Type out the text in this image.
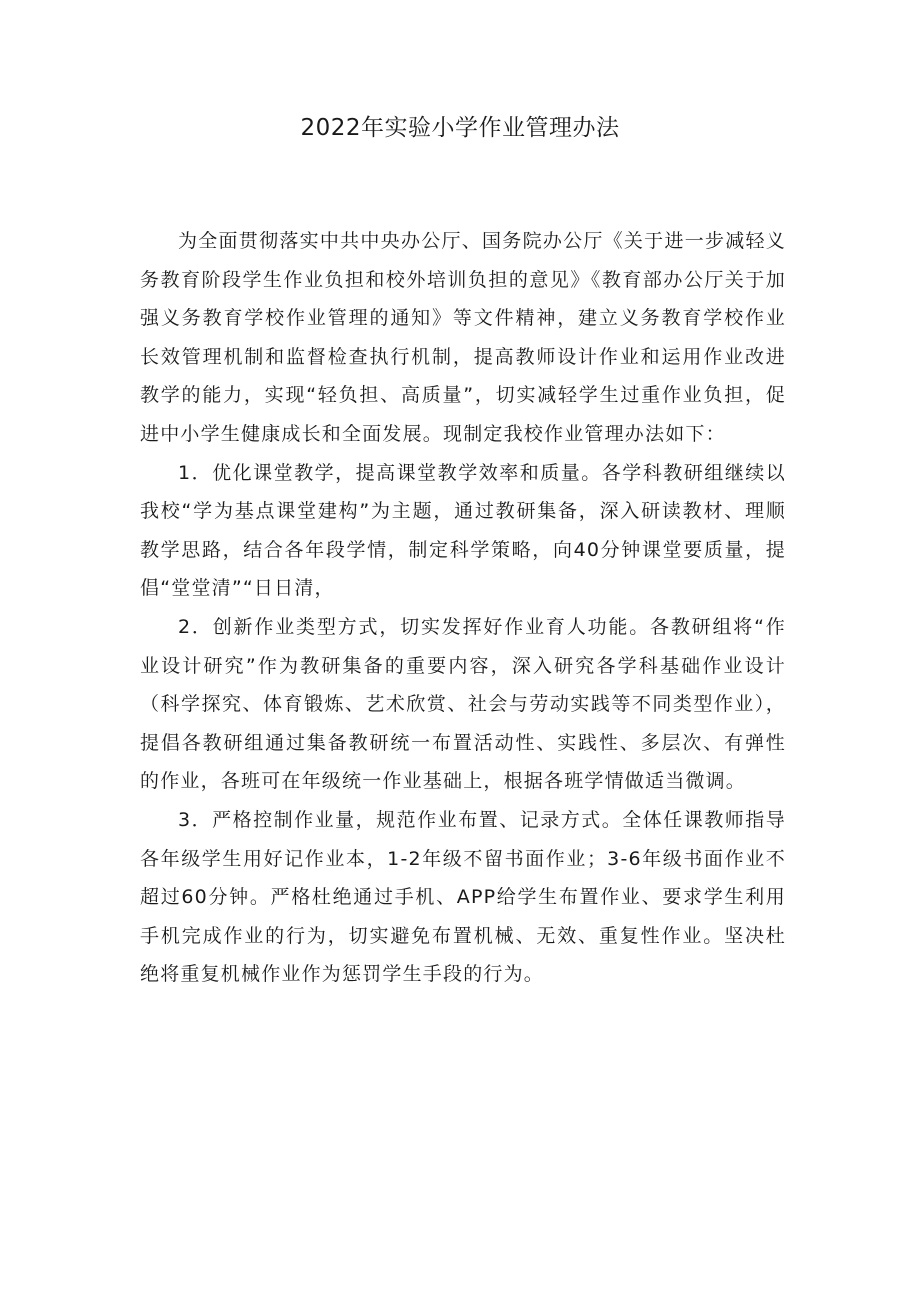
2022年实验小学作业管理办法

为全面贯彻落实中共中央办公厅、国务院办公厅《关于进一步减轻义务教育阶段学生作业负担和校外培训负担的意见》《教育部办公厅关于加强义务教育学校作业管理的通知》等文件精神，建立义务教育学校作业长效管理机制和监督检查执行机制，提高教师设计作业和运用作业改进教学的能力，实现“轻负担、高质量”，切实减轻学生过重作业负担，促进中小学生健康成长和全面发展。现制定我校作业管理办法如下：

1．优化课堂教学，提高课堂教学效率和质量。各学科教研组继续以我校“学为基点课堂建构”为主题，通过教研集备，深入研读教材、理顺教学思路，结合各年段学情，制定科学策略，向40分钟课堂要质量，提倡“堂堂清”“日日清，

2．创新作业类型方式，切实发挥好作业育人功能。各教研组将“作业设计研究”作为教研集备的重要内容，深入研究各学科基础作业设计（科学探究、体育锻炼、艺术欣赏、社会与劳动实践等不同类型作业），提倡各教研组通过集备教研统一布置活动性、实践性、多层次、有弹性的作业，各班可在年级统一作业基础上，根据各班学情做适当微调。

3．严格控制作业量，规范作业布置、记录方式。全体任课教师指导各年级学生用好记作业本，1-2年级不留书面作业；3-6年级书面作业不超过60分钟。严格杜绝通过手机、APP给学生布置作业、要求学生利用手机完成作业的行为，切实避免布置机械、无效、重复性作业。坚决杜绝将重复机械作业作为惩罚学生手段的行为。
